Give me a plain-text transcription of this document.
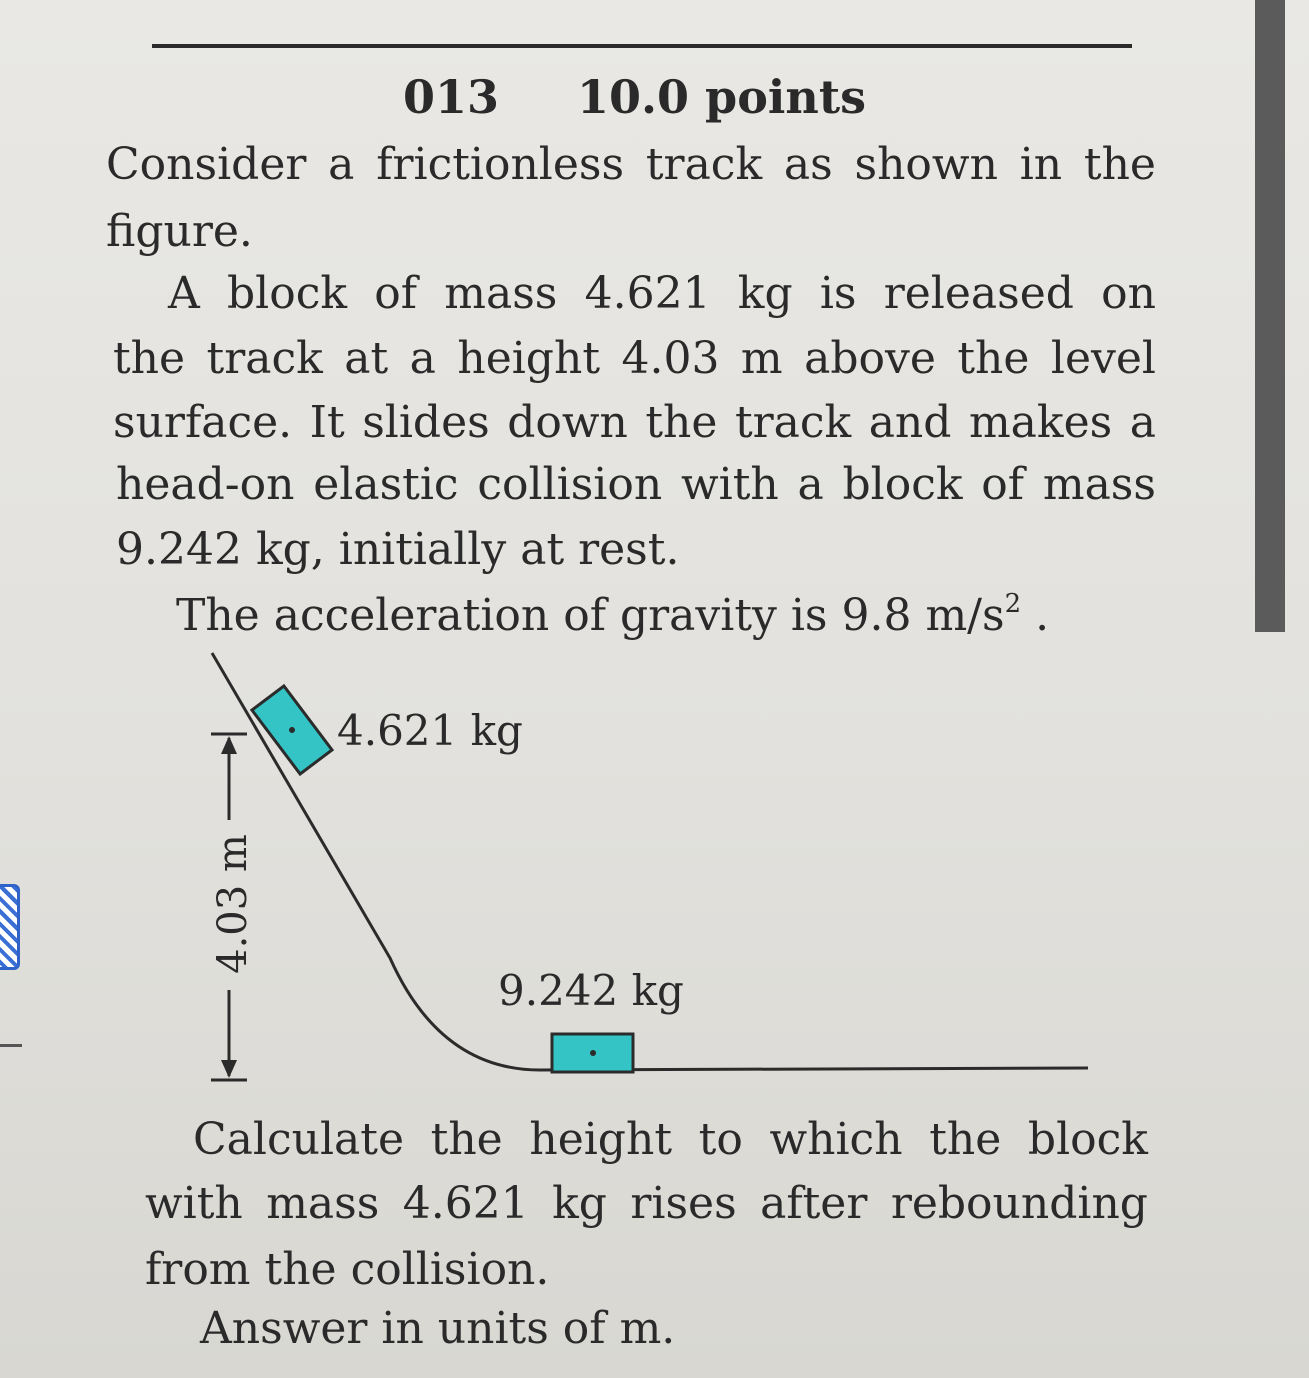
013 10.0 points
Consider a frictionless track as shown in the
figure.
A block of mass 4.621 kg is released on
the track at a height 4.03 m above the level
surface. It slides down the track and makes a
head-on elastic collision with a block of mass
9.242 kg, initially at rest.
The acceleration of gravity is 9.8 $m/s^2$ .
4.03 m
4.621 kg
9.242 kg
Calculate the height to which the block
with mass 4.621 kg rises after rebounding
from the collision.
Answer in units of m.
